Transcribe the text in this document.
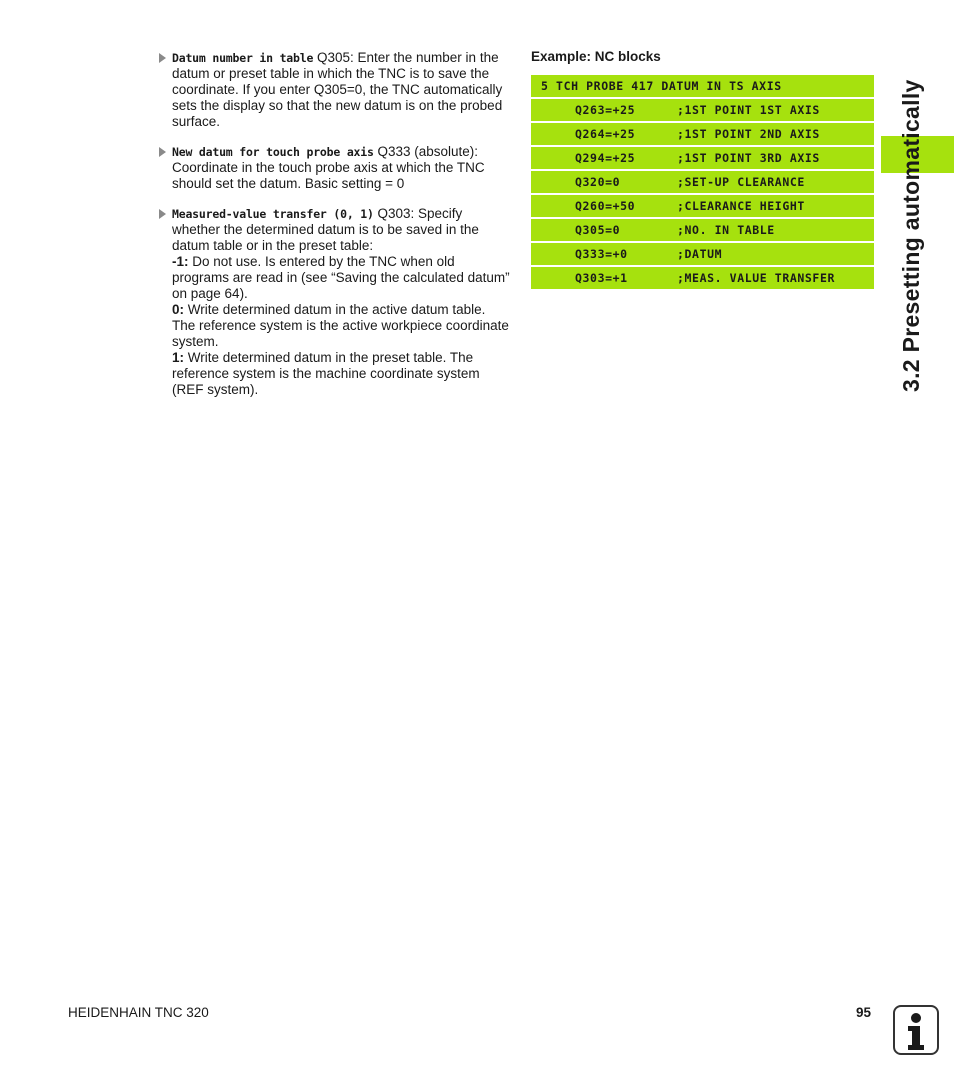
Datum number in table Q305: Enter the number in the datum or preset table in which the TNC is to save the coordinate. If you enter Q305=0, the TNC automatically sets the display so that the new datum is on the probed surface.
New datum for touch probe axis Q333 (absolute): Coordinate in the touch probe axis at which the TNC should set the datum. Basic setting = 0
Measured-value transfer (0, 1) Q303: Specify whether the determined datum is to be saved in the datum table or in the preset table:
-1: Do not use. Is entered by the TNC when old programs are read in (see “Saving the calculated datum” on page 64).
0: Write determined datum in the active datum table. The reference system is the active workpiece coordinate system.
1: Write determined datum in the preset table. The reference system is the machine coordinate system (REF system).
Example: NC blocks
5 TCH PROBE 417 DATUM IN TS AXIS
Q263=+25	;1ST POINT 1ST AXIS
Q264=+25	;1ST POINT 2ND AXIS
Q294=+25	;1ST POINT 3RD AXIS
Q320=0	;SET-UP CLEARANCE
Q260=+50	;CLEARANCE HEIGHT
Q305=0	;NO. IN TABLE
Q333=+0	;DATUM
Q303=+1	;MEAS. VALUE TRANSFER	3.2 Presetting automatically
HEIDENHAIN TNC 320	95
